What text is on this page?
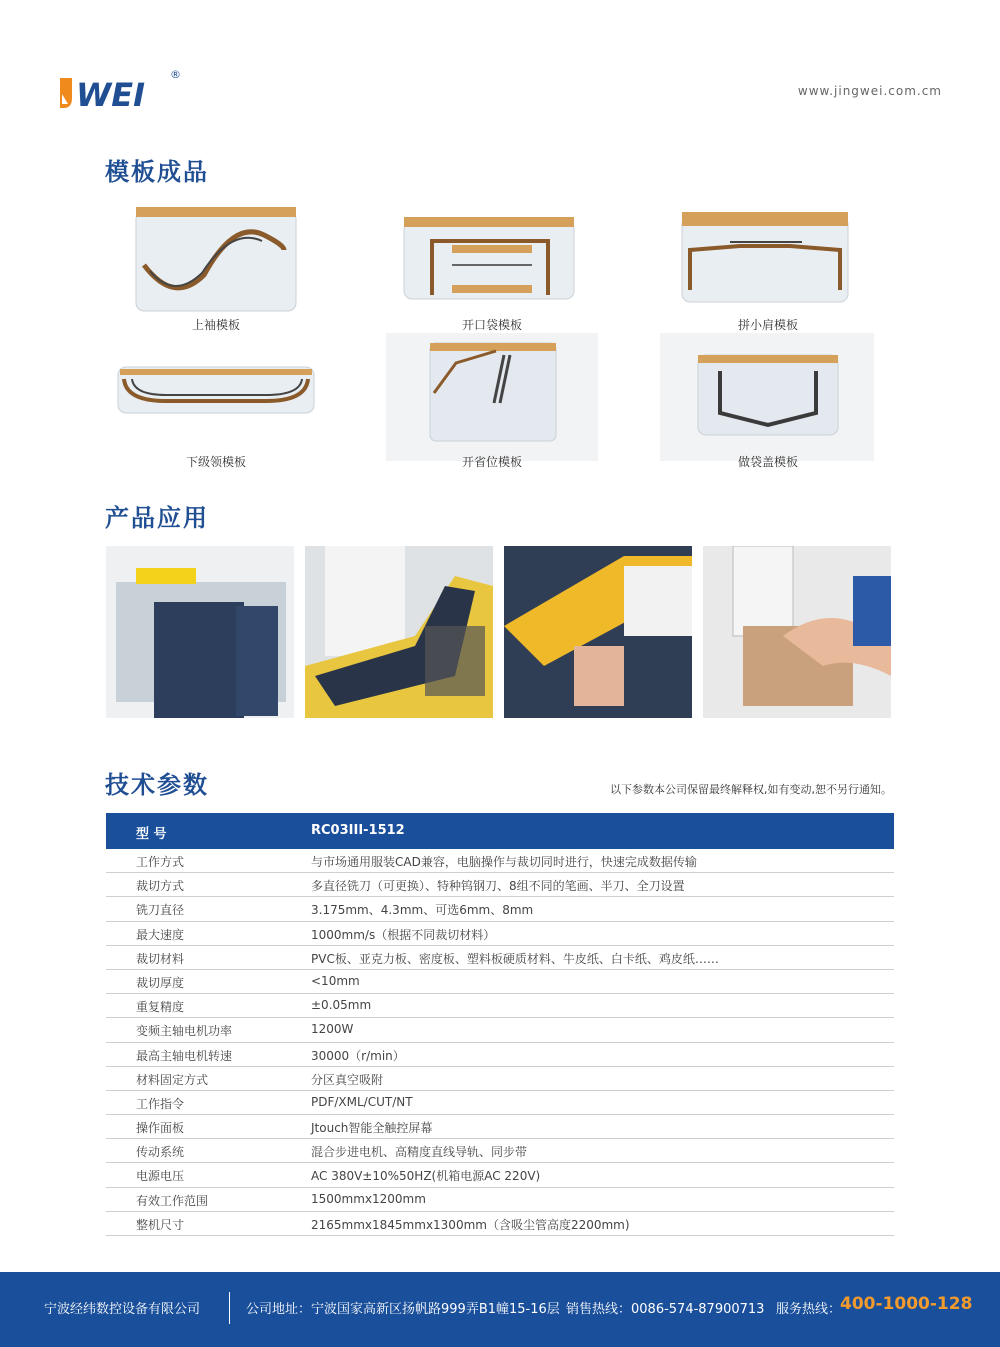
WEI
®
www.jingwei.com.cm
模板成品
上袖模板	开口袋模板	拼小肩模板
下级领模板	开省位模板	做袋盖模板
产品应用
技术参数	以下参数本公司保留最终解释权,如有变动,恕不另行通知。
型 号	RC03III-1512
工作方式	与市场通用服装CAD兼容，电脑操作与裁切同时进行，快速完成数据传输
裁切方式	多直径铣刀（可更换）、特种钨钢刀、8组不同的笔画、半刀、全刀设置
铣刀直径	3.175mm、4.3mm、可选6mm、8mm
最大速度	1000mm/s（根据不同裁切材料）
裁切材料	PVC板、亚克力板、密度板、塑料板硬质材料、牛皮纸、白卡纸、鸡皮纸……
裁切厚度	<10mm
重复精度	±0.05mm
变频主轴电机功率	1200W
最高主轴电机转速	30000（r/min）
材料固定方式	分区真空吸附
工作指令	PDF/XML/CUT/NT
操作面板	Jtouch智能全触控屏幕
传动系统	混合步进电机、高精度直线导轨、同步带
电源电压	AC 380V±10%50HZ(机箱电源AC 220V)
有效工作范围	1500mmx1200mm
整机尺寸	2165mmx1845mmx1300mm（含吸尘管高度2200mm)
宁波经纬数控设备有限公司	公司地址：宁波国家高新区扬帆路999弄B1幢15-16层 销售热线：0086-574-87900713 服务热线：
400-1000-128
